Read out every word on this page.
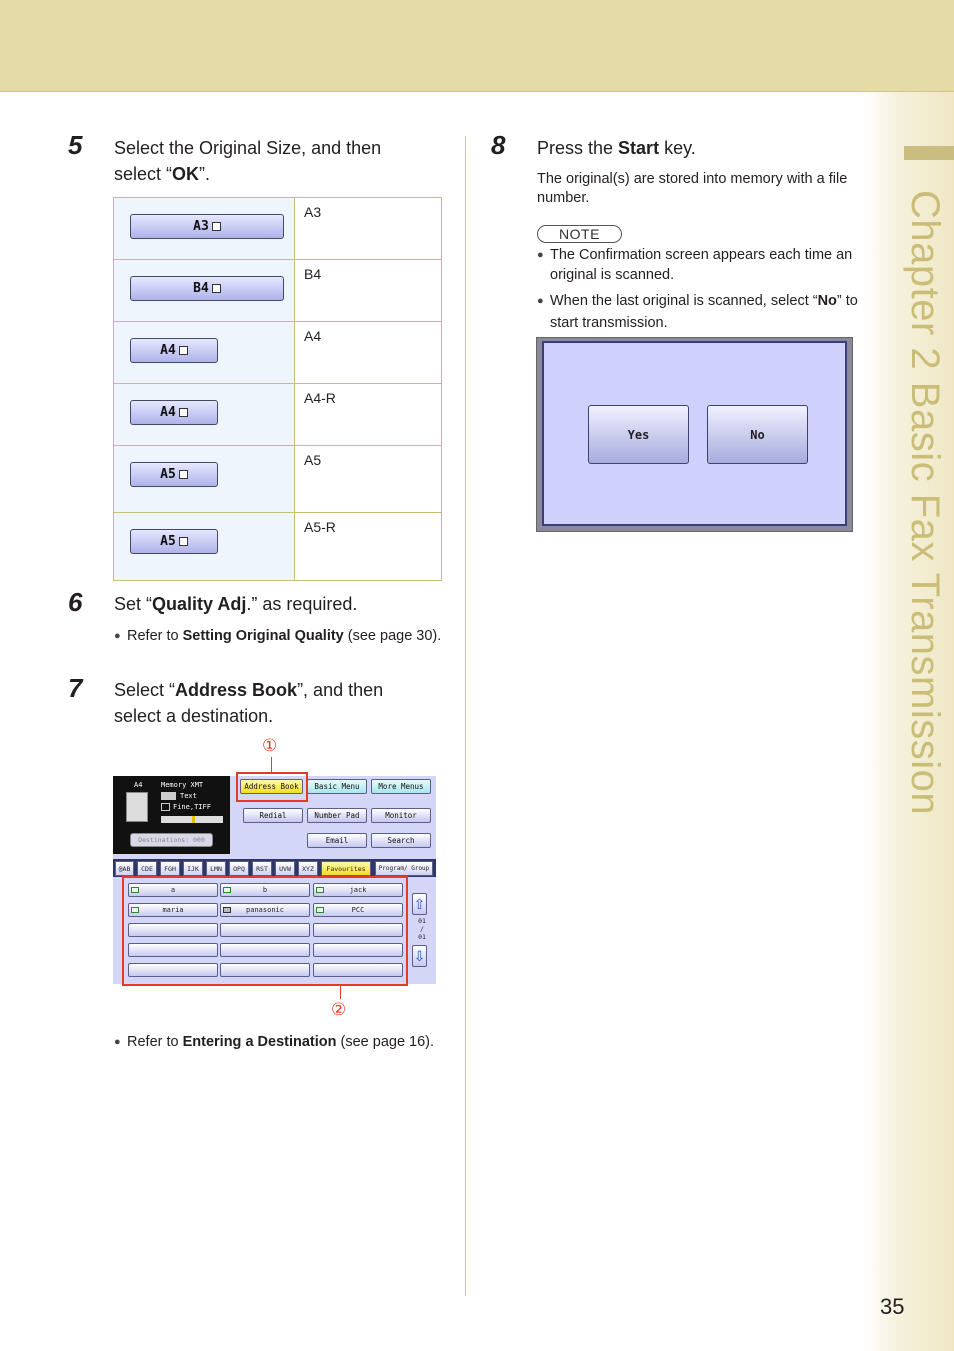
Chapter 2 Basic Fax Transmission
5 Select the Original Size, and then
select “OK”.
A3	A3

B4	B4

A4	A4

A4	A4-R

A5	A5

A5	A5-R
6 Set “Quality Adj.” as required.
● Refer to Setting Original Quality (see page 30).
7 Select “Address Book”, and then
select a destination.
①
A4	Memory XMT
Text
Fine,TIFF
Destinations: 000
Address Book	Basic Menu	More Menus
Redial	Number Pad	Monitor
Email	Search
@AB	CDE	FGH	IJK	LMN	OPQ	RST	UVW	XYZ	Favourites	Program/ Group
a	b	jack
maria	panasonic	PCC	⇧
01
/
01
⇩
②
● Refer to Entering a Destination (see page 16).
8 Press the Start key.
The original(s) are stored into memory with a file number.
NOTE
● The Confirmation screen appears each time an original is scanned.
● When the last original is scanned, select “No” to start transmission.
Yes	No
35
